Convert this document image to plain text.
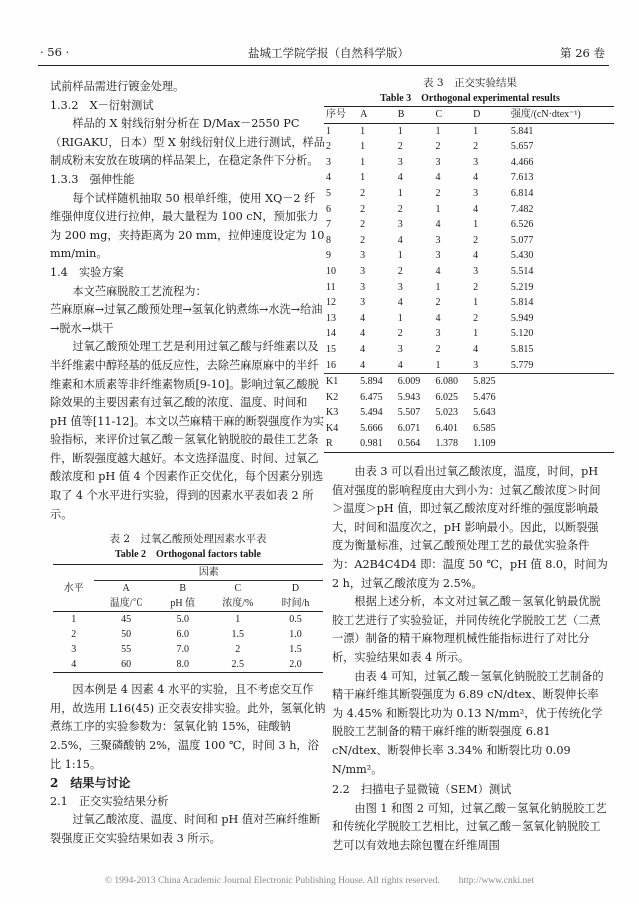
· 56 ·	盐城工学院学报（自然科学版）	第 26 卷

试前样品需进行镀金处理。

1.3.2　X－衍射测试

样品的 X 射线衍射分析在 D/Max－2550 PC（RIGAKU，日本）型 X 射线衍射仪上进行测试，样品制成粉末安放在玻璃的样品架上，在稳定条件下分析。

1.3.3　强伸性能

每个试样随机抽取 50 根单纤维，使用 XQ－2 纤维强伸度仪进行拉伸，最大量程为 100 cN，预加张力为 200 mg，夹持距离为 20 mm，拉伸速度设定为 10 mm/min。

1.4　实验方案

本文苎麻脱胶工艺流程为：

苎麻原麻→过氧乙酸预处理→氢氧化钠煮练→水洗→给油→脱水→烘干

过氧乙酸预处理工艺是利用过氧乙酸与纤维素以及半纤维素中醇羟基的低反应性，去除苎麻原麻中的半纤维素和木质素等非纤维素物质[9-10]。影响过氧乙酸脱除效果的主要因素有过氧乙酸的浓度、温度、时间和 pH 值等[11-12]。本文以苎麻精干麻的断裂强度作为实验指标，来评价过氧乙酸－氢氧化钠脱胶的最佳工艺条件，断裂强度越大越好。本文选择温度、时间、过氧乙酸浓度和 pH 值 4 个因素作正交优化，每个因素分别选取了 4 个水平进行实验，得到的因素水平表如表 2 所示。

表 2　过氧乙酸预处理因素水平表
Table 2　Orthogonal factors table
水平	因素			
	A	B	C	D
	温度/℃	pH 值	浓度/%	时间/h
1	45	5.0	1	0.5
2	50	6.0	1.5	1.0
3	55	7.0	2	1.5
4	60	8.0	2.5	2.0

因本例是 4 因素 4 水平的实验，且不考虑交互作用，故选用 L16(45) 正交表安排实验。此外，氢氧化钠煮练工序的实验参数为：氢氧化钠 15%，硅酸钠 2.5%，三聚磷酸钠 2%，温度 100 ℃，时间 3 h，浴比 1:15。

2　结果与讨论

2.1　正交实验结果分析

过氧乙酸浓度、温度、时间和 pH 值对苎麻纤维断裂强度正交实验结果如表 3 所示。

表 3　正交实验结果
Table 3　Orthogonal experimental results
序号	A	B	C	D	强度/(cN·dtex⁻¹)
1	1	1	1	1	5.841
2	1	2	2	2	5.657
3	1	3	3	3	4.466
4	1	4	4	4	7.613
5	2	1	2	3	6.814
6	2	2	1	4	7.482
7	2	3	4	1	6.526
8	2	4	3	2	5.077
9	3	1	3	4	5.430
10	3	2	4	3	5.514
11	3	3	1	2	5.219
12	3	4	2	1	5.814
13	4	1	4	2	5.949
14	4	2	3	1	5.120
15	4	3	2	4	5.815
16	4	4	1	3	5.779
K1	5.894	6.009	6.080	5.825	
K2	6.475	5.943	6.025	5.476	
K3	5.494	5.507	5.023	5.643	
K4	5.666	6.071	6.401	6.585	
R	0.981	0.564	1.378	1.109	

由表 3 可以看出过氧乙酸浓度，温度，时间，pH 值对强度的影响程度由大到小为：过氧乙酸浓度＞时间＞温度＞pH 值，即过氧乙酸浓度对纤维的强度影响最大，时间和温度次之，pH 影响最小。因此，以断裂强度为衡量标准，过氧乙酸预处理工艺的最优实验条件为：A2B4C4D4 即：温度 50 ℃，pH 值 8.0，时间为 2 h，过氧乙酸浓度为 2.5%。

根据上述分析，本文对过氧乙酸－氢氧化钠最优脱胶工艺进行了实验验证，并同传统化学脱胶工艺（二煮一漂）制备的精干麻物理机械性能指标进行了对比分析，实验结果如表 4 所示。

由表 4 可知，过氧乙酸－氢氧化钠脱胶工艺制备的精干麻纤维其断裂强度为 6.89 cN/dtex、断裂伸长率为 4.45% 和断裂比功为 0.13 N/mm²，优于传统化学脱胶工艺制备的精干麻纤维的断裂强度 6.81 cN/dtex、断裂伸长率 3.34% 和断裂比功 0.09 N/mm²。

2.2　扫描电子显微镜（SEM）测试

由图 1 和图 2 可知，过氧乙酸－氢氧化钠脱胶工艺和传统化学脱胶工艺相比，过氧乙酸－氢氧化钠脱胶工艺可以有效地去除包覆在纤维周围

© 1994-2013 China Academic Journal Electronic Publishing House. All rights reserved.　　http://www.cnki.net
